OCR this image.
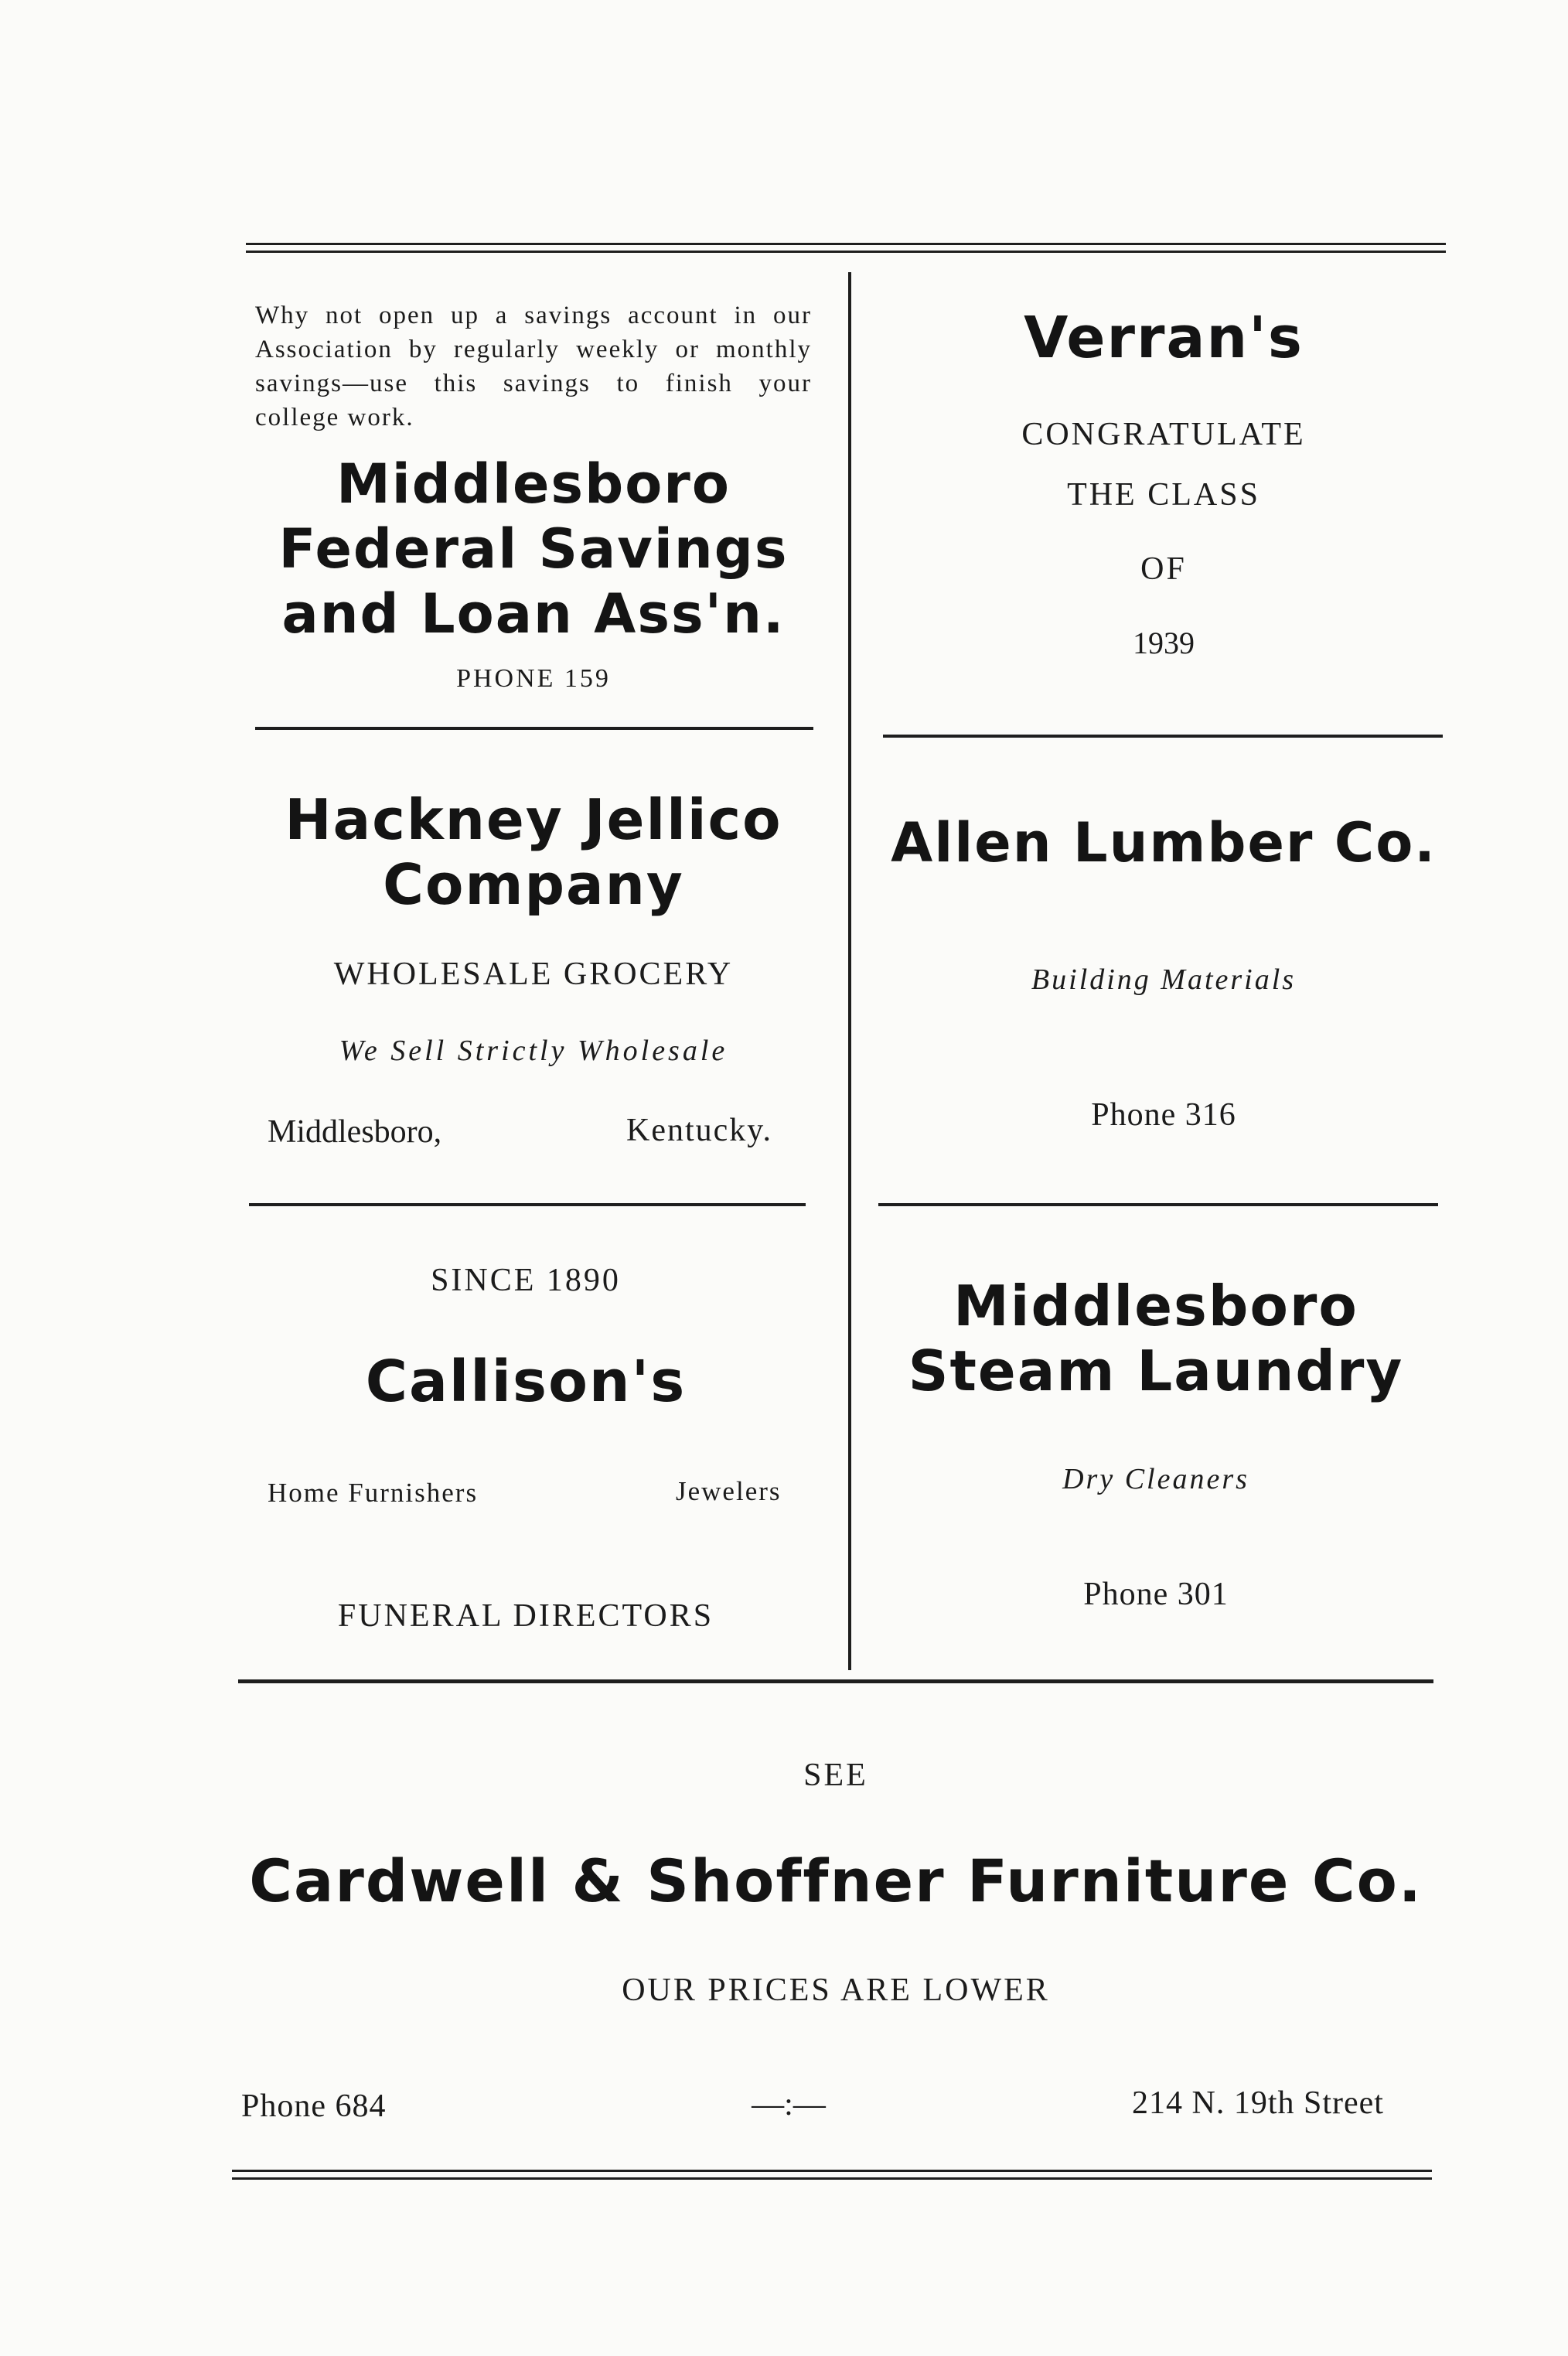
Why not open up a savings account in our Association by regularly weekly or monthly savings—use this savings to finish your college work.
Middlesboro
Federal Savings
and Loan Ass'n.
PHONE 159
Verran's
CONGRATULATE
THE CLASS
OF
1939
Hackney Jellico
Company
WHOLESALE GROCERY
We Sell Strictly Wholesale
Middlesboro,	Kentucky.
Allen Lumber Co.
Building Materials
Phone 316
SINCE 1890
Callison's
Home Furnishers	Jewelers
FUNERAL DIRECTORS
Middlesboro
Steam Laundry
Dry Cleaners
Phone 301
SEE
Cardwell & Shoffner Furniture Co.
OUR PRICES ARE LOWER
Phone 684	—:—	214 N. 19th Street
